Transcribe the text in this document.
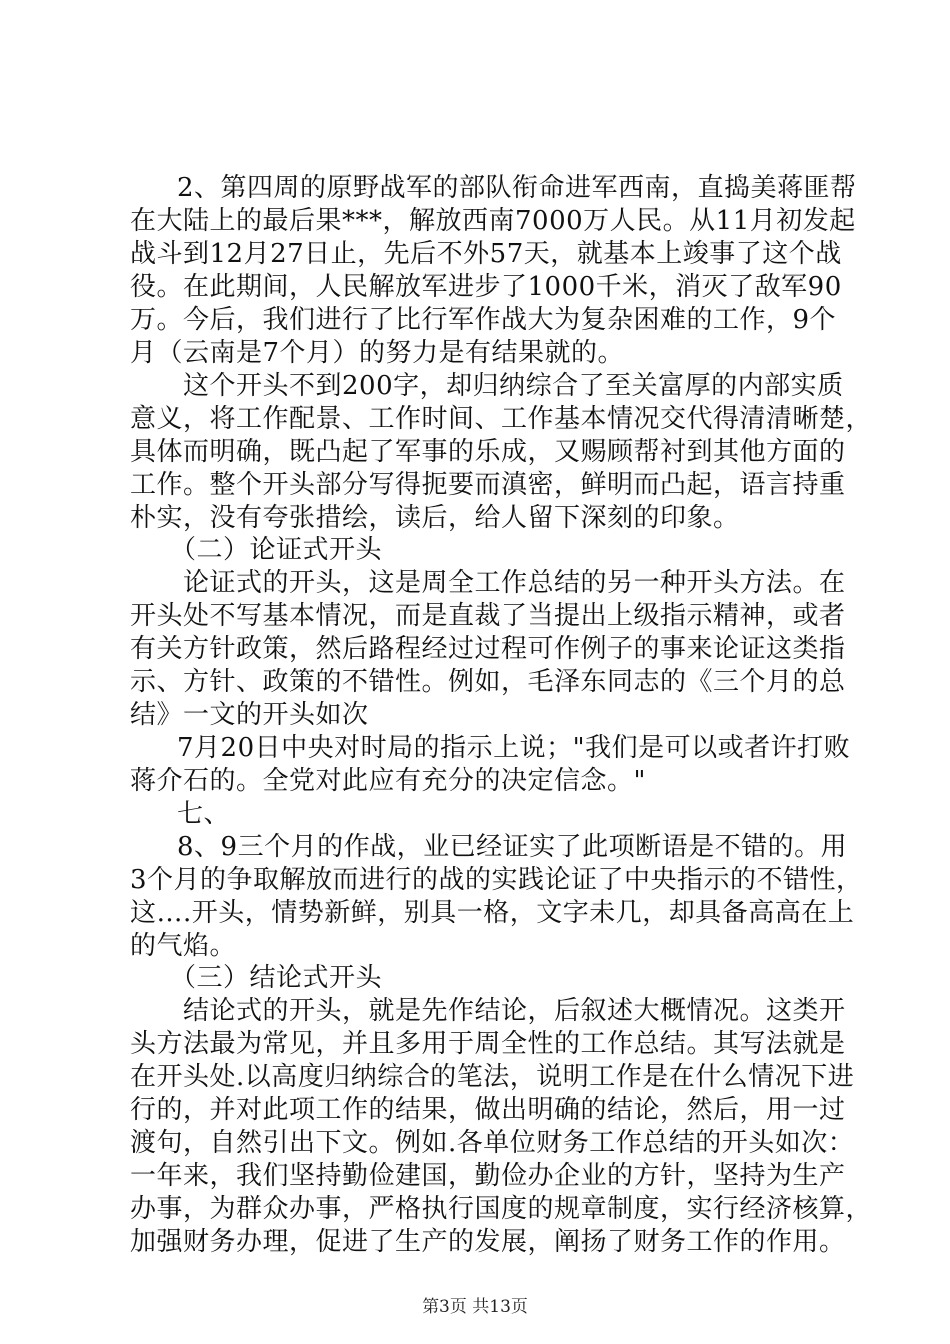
2、第四周的原野战军的部队衔命进军西南，直捣美蒋匪帮
在大陆上的最后果***，解放西南7000万人民。从11月初发起
战斗到12月27日止，先后不外57天，就基本上竣事了这个战
役。在此期间，人民解放军进步了1000千米，消灭了敌军90
万。今后，我们进行了比行军作战大为复杂困难的工作，9个
月（云南是7个月）的努力是有结果就的。
这个开头不到200字，却归纳综合了至关富厚的内部实质
意义，将工作配景、工作时间、工作基本情况交代得清清晰楚，
具体而明确，既凸起了军事的乐成，又赐顾帮衬到其他方面的
工作。整个开头部分写得扼要而滇密，鲜明而凸起，语言持重
朴实，没有夸张措绘，读后，给人留下深刻的印象。
（二）论证式开头
论证式的开头，这是周全工作总结的另一种开头方法。在
开头处不写基本情况，而是直裁了当提出上级指示精神，或者
有关方针政策，然后路程经过过程可作例子的事来论证这类指
示、方针、政策的不错性。例如，毛泽东同志的《三个月的总
结》一文的开头如次
7月20日中央对时局的指示上说；"我们是可以或者许打败
蒋介石的。全党对此应有充分的决定信念。"
七、
8、9三个月的作战，业已经证实了此项断语是不错的。用
3个月的争取解放而进行的战的实践论证了中央指示的不错性，
这….开头，情势新鲜，别具一格，文字未几，却具备高高在上
的气焰。
（三）结论式开头
结论式的开头，就是先作结论，后叙述大概情况。这类开
头方法最为常见，并且多用于周全性的工作总结。其写法就是
在开头处.以高度归纳综合的笔法，说明工作是在什么情况下进
行的，并对此项工作的结果，做出明确的结论，然后，用一过
渡句，自然引出下文。例如.各单位财务工作总结的开头如次：
一年来，我们坚持勤俭建国，勤俭办企业的方针，坚持为生产
办事，为群众办事，严格执行国度的规章制度，实行经济核算，
加强财务办理，促进了生产的发展，阐扬了财务工作的作用。
第3页 共13页
